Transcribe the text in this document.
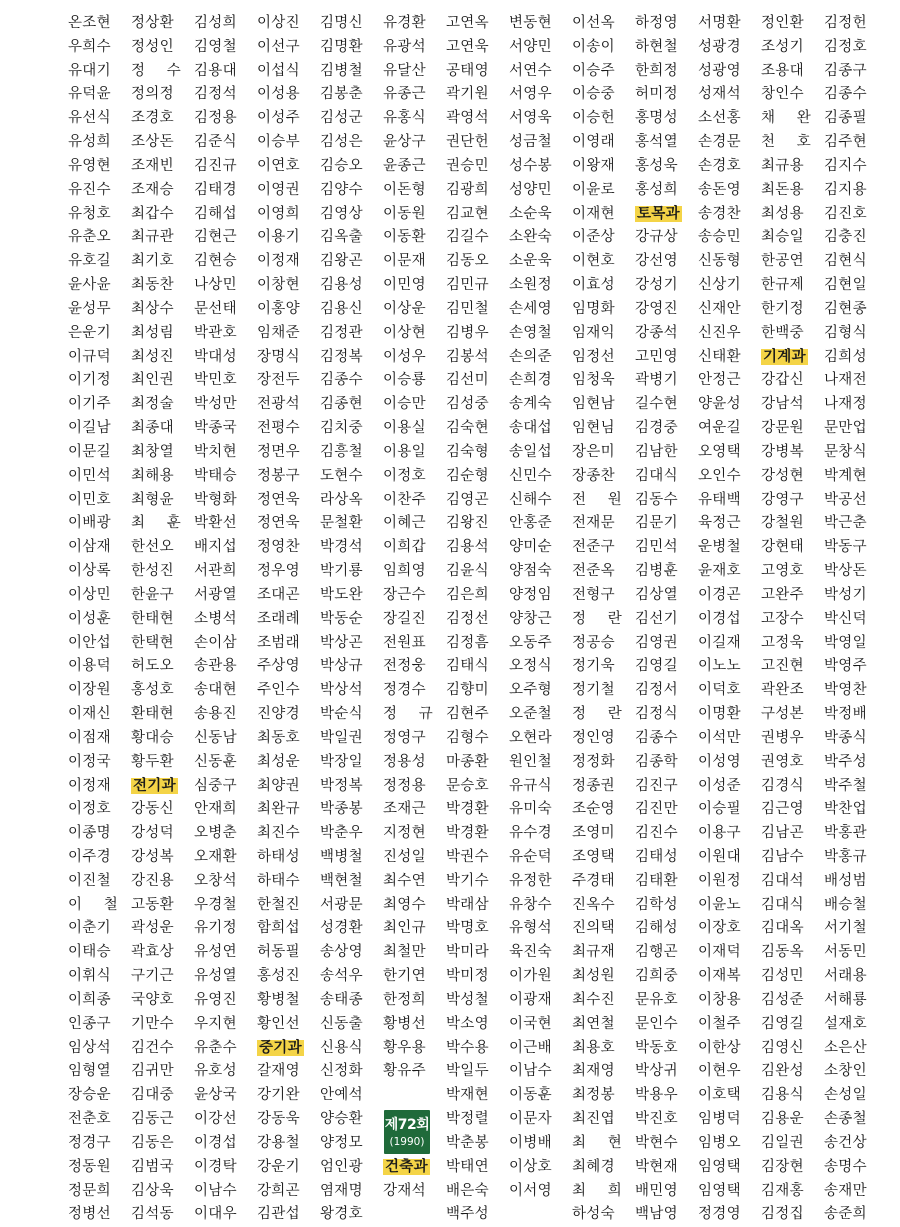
온조현
우희수
유대기
유덕윤
유선식
유성희
유영현
유진수
유청호
유춘오
유호길
윤사윤
윤성무
은운기
이규덕
이기정
이기주
이길남
이문길
이민석
이민호
이배광
이삼재
이상록
이상민
이성훈
이안섭
이용덕
이장원
이재신
이점재
이정국
이정재
이정호
이종명
이주경
이진철
이 철
이춘기
이태승
이휘식
이희종
인종구
임상석
임형열
장승운
전춘호
정경구
정동원
정문희
정병선
정상환
정성인
정 수
정의정
조경호
조상돈
조재빈
조재승
최갑수
최규관
최기호
최동찬
최상수
최성림
최성진
최인권
최정술
최종대
최창열
최해용
최형윤
최 훈
한선오
한성진
한윤구
한태현
한택현
허도오
홍성호
환태현
황대승
황두환
전기과
강동신
강성덕
강성복
강진용
고동환
곽성운
곽효상
구기근
국양호
기만수
김건수
김귀만
김대중
김동근
김동은
김범국
김상욱
김석동
김성희
김영철
김용대
김정석
김정용
김준식
김진규
김태경
김해섭
김현근
김현승
나상민
문선태
박관호
박대성
박민호
박성만
박종국
박치현
박태승
박형화
박환선
배지섭
서관희
서광열
소병석
손이삼
송관용
송대현
송용진
신동남
신동훈
심중구
안재희
오병춘
오재환
오창석
우경철
유기정
유성연
유성열
유영진
우지현
유춘수
유호성
윤상국
이강선
이경섭
이경탁
이남수
이대우
이상진
이선구
이섭식
이성용
이성주
이승부
이연호
이영권
이영희
이용기
이정재
이창현
이홍양
임채준
장명식
장전두
전광석
전평수
정면우
정봉구
정연욱
정연욱
정영찬
정우영
조대곤
조래례
조범래
주상영
주인수
진양경
최동호
최성운
최양권
최완규
최진수
하태성
하태수
한철진
함희섭
허동필
홍성진
황병철
황인선
중기과
갈재영
강기완
강동욱
강용철
강운기
강희곤
김관섭
김명신
김명환
김병철
김봉춘
김성군
김성은
김승오
김양수
김영상
김옥출
김왕곤
김용성
김용신
김정관
김정복
김종수
김종현
김치중
김흥철
도현수
라상옥
문철환
박경석
박기룡
박도완
박동순
박상곤
박상규
박상석
박순식
박일권
박장일
박정복
박종봉
박춘우
백병철
백현철
서광문
성경환
송상영
송석우
송태종
신동출
신용식
신정화
안예석
양승환
양정모
엄인광
염재명
왕경호
유경환
유광석
유달산
유종근
유홍식
윤상구
윤종근
이돈형
이동원
이동환
이문재
이민영
이상운
이상현
이성우
이승룡
이승만
이용실
이용일
이정호
이찬주
이혜근
이희갑
임희영
장근수
장길진
전원표
전정웅
정경수
정 규
정영구
정용성
정정용
조재근
지정현
진성일
최수연
최영수
최인규
최철만
한기연
한정희
황병선
황우용
황유주
고연옥
고연욱
공태영
곽기원
곽영석
권단헌
권승민
김광희
김교현
김길수
김동오
김민규
김민철
김병우
김봉석
김선미
김성중
김숙현
김숙형
김순형
김영곤
김왕진
김용석
김윤식
김은희
김정선
김정흠
김태식
김향미
김현주
김형수
마종환
문승호
박경환
박경환
박권수
박기수
박래삼
박명호
박미라
박미정
박성철
박소영
박수용
박일두
박재현
박정렬
박춘봉
박태연
배은숙
백주성
변동현
서양민
서연수
서영우
서영욱
성금철
성수봉
성양민
소순욱
소완숙
소운욱
소원정
손세영
손영철
손의준
손희경
송계숙
송대섭
송일섭
신민수
신해수
안홍준
양미순
양점숙
양정임
양창근
오동주
오정식
오주형
오준철
오현라
원인철
유규식
유미숙
유수경
유순덕
유정한
유창수
유형석
육진숙
이가원
이광재
이국현
이근배
이남수
이동훈
이문자
이병배
이상호
이서영
이선옥
이송이
이승주
이승중
이승헌
이영래
이왕재
이윤로
이재현
이준상
이현호
이효성
임명화
임재익
임정선
임청욱
임현남
임현님
장은미
장종찬
전 원
전재문
전준구
전준옥
전형구
정 란
정공승
정기욱
정기철
정 란
정인영
정정화
정종권
조순영
조영미
조영택
주경태
진옥수
진의택
최규재
최성원
최수진
최연철
최용호
최재영
최정봉
최진엽
최 현
최혜경
최 희
하성숙
하정영
하현철
한희정
허미정
홍명성
홍석열
홍성욱
홍성희
토목과
강규상
강선영
강성기
강영진
강종석
고민영
곽병기
길수현
김경중
김남한
김대식
김동수
김문기
김민석
김병훈
김상열
김선기
김영권
김영길
김정서
김정식
김종수
김종학
김진구
김진만
김진수
김태성
김태환
김학성
김해성
김행곤
김희중
문유호
문인수
박동호
박상귀
박용우
박진호
박현수
박현재
배민영
백남영
서명환
성광경
성광영
성재석
소선홍
손경문
손경호
송돈영
송경찬
송승민
신동형
신상기
신재안
신진우
신태환
안정근
양윤성
여운길
오영택
오인수
유태백
육정근
운병철
윤재호
이경곤
이경섭
이길재
이노노
이덕호
이명환
이석만
이성영
이성준
이승필
이용구
이원대
이원정
이윤노
이장호
이재덕
이재복
이창용
이철주
이한상
이현우
이호택
임병덕
임병오
임영택
임영택
정경영
정인환
조성기
조용대
창인수
채 완
천 호
최규용
최돈용
최성용
최승일
한공연
한규제
한기정
한백중
기계과
강갑신
강남석
강문원
강병복
강성현
강영구
강철원
강현태
고영호
고완주
고장수
고정욱
고진현
곽완조
구성본
권병우
권영호
김경식
김근영
김남곤
김남수
김대석
김대식
김대옥
김동옥
김성민
김성준
김영길
김영신
김완성
김용식
김용운
김일권
김장현
김재홍
김정집
김정헌
김정호
김종구
김종수
김종필
김주현
김지수
김지용
김진호
김충진
김현식
김현일
김현종
김형식
김희성
나재전
나재정
문만업
문창식
박계현
박공선
박근춘
박동구
박상돈
박성기
박신덕
박영일
박영주
박영찬
박정배
박종식
박주성
박주철
박찬업
박홍관
박홍규
배성범
배승철
서기철
서동민
서래용
서해룡
설재호
소은산
소창인
손성일
손종철
송건상
송명수
송재만
송준희
제72회
(1990)
건축과
강재석
